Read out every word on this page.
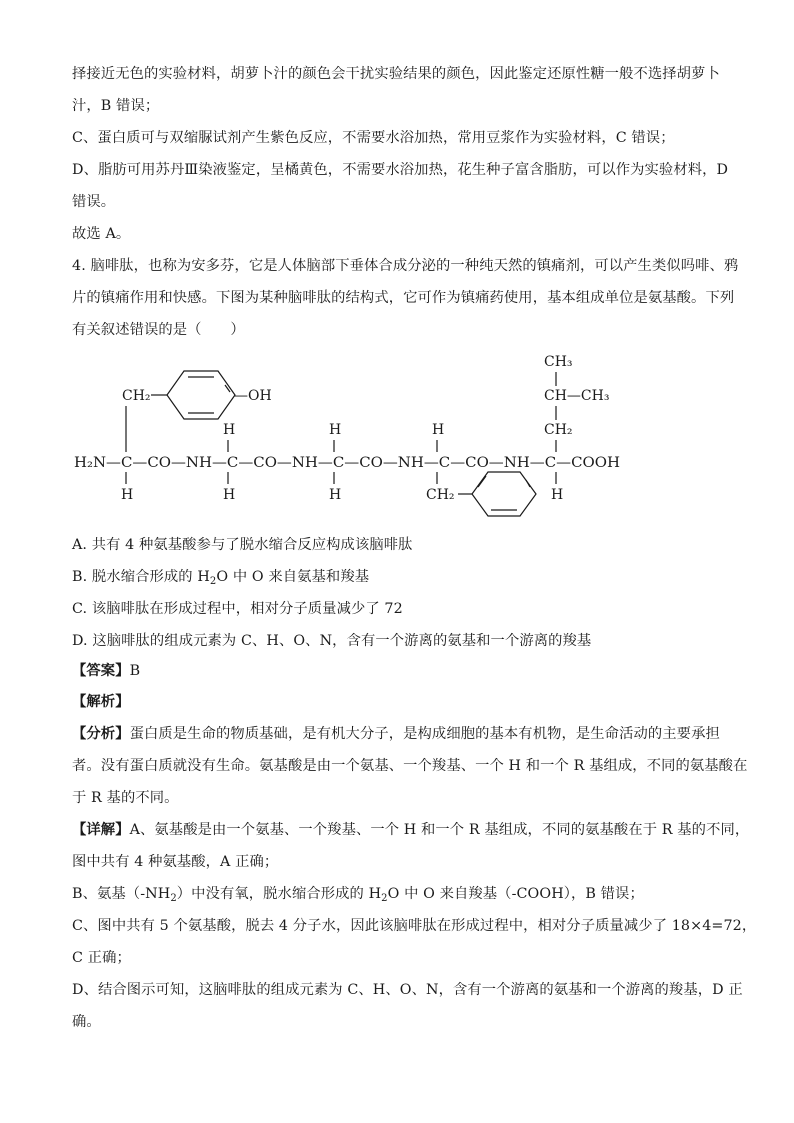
择接近无色的实验材料，胡萝卜汁的颜色会干扰实验结果的颜色，因此鉴定还原性糖一般不选择胡萝卜
汁，B 错误；
C、蛋白质可与双缩脲试剂产生紫色反应，不需要水浴加热，常用豆浆作为实验材料，C 错误；
D、脂肪可用苏丹Ⅲ染液鉴定，呈橘黄色，不需要水浴加热，花生种子富含脂肪，可以作为实验材料，D
错误。
故选 A。
4. 脑啡肽，也称为安多芬，它是人体脑部下垂体合成分泌的一种纯天然的镇痛剂，可以产生类似吗啡、鸦
片的镇痛作用和快感。下图为某种脑啡肽的结构式，它可作为镇痛药使用，基本组成单位是氨基酸。下列
有关叙述错误的是（　　）
CH₃
CH—CH₃
CH₂
CH₂	—OH
H	H	H
H₂N—C—CO—NH—C—CO—NH—C—CO—NH—C—CO—NH—C—COOH
H	H	H	CH₂	H
A. 共有 4 种氨基酸参与了脱水缩合反应构成该脑啡肽
B. 脱水缩合形成的 $H_2O$ 中 O 来自氨基和羧基
C. 该脑啡肽在形成过程中，相对分子质量减少了 72
D. 这脑啡肽的组成元素为 C、H、O、N，含有一个游离的氨基和一个游离的羧基
【答案】B
【解析】
【分析】蛋白质是生命的物质基础，是有机大分子，是构成细胞的基本有机物，是生命活动的主要承担
者。没有蛋白质就没有生命。氨基酸是由一个氨基、一个羧基、一个 H 和一个 R 基组成，不同的氨基酸在
于 R 基的不同。
【详解】A、氨基酸是由一个氨基、一个羧基、一个 H 和一个 R 基组成，不同的氨基酸在于 R 基的不同，
图中共有 4 种氨基酸，A 正确；
B、氨基$(-NH_2)$中没有氧，脱水缩合形成的 $H_2O$ 中 O 来自羧基（-COOH），B 错误；
C、图中共有 5 个氨基酸，脱去 4 分子水，因此该脑啡肽在形成过程中，相对分子质量减少了 18×4=72，
C 正确；
D、结合图示可知，这脑啡肽的组成元素为 C、H、O、N，含有一个游离的氨基和一个游离的羧基，D 正
确。
